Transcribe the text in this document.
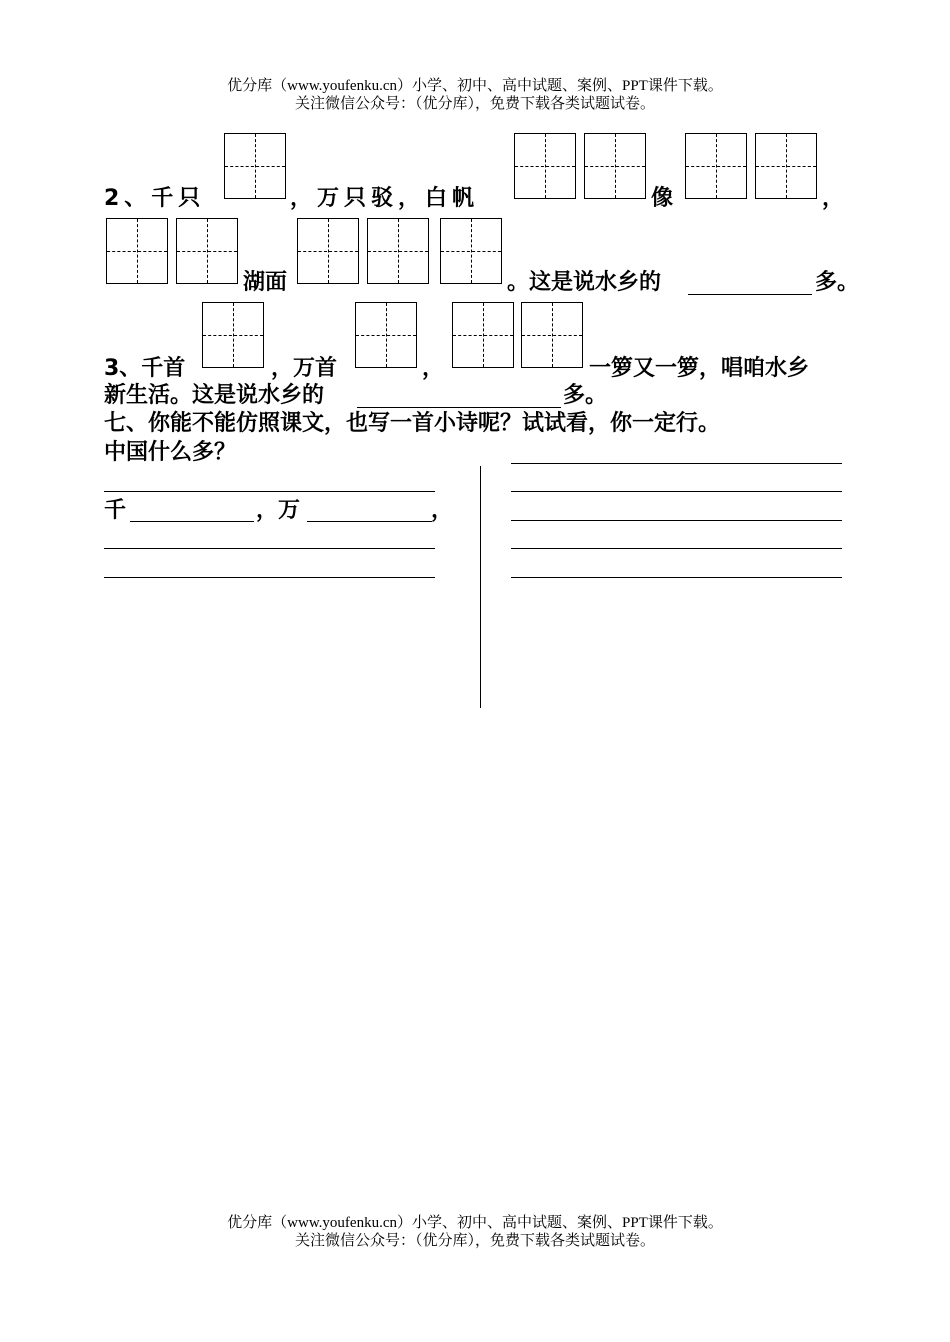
优分库（www.youfenku.cn）小学、初中、高中试题、案例、PPT课件下载。
关注微信公众号：（优分库），免费下载各类试题试卷。
2、千只	，万只驳，白帆	像	，
湖面	。这是说水乡的	多。
3、千首	，万首	，	一箩又一箩，唱咱水乡
新生活。这是说水乡的	多。
七、你能不能仿照课文，也写一首小诗呢？试试看，你一定行。
中国什么多？
千	，万	，
优分库（www.youfenku.cn）小学、初中、高中试题、案例、PPT课件下载。
关注微信公众号：（优分库），免费下载各类试题试卷。
